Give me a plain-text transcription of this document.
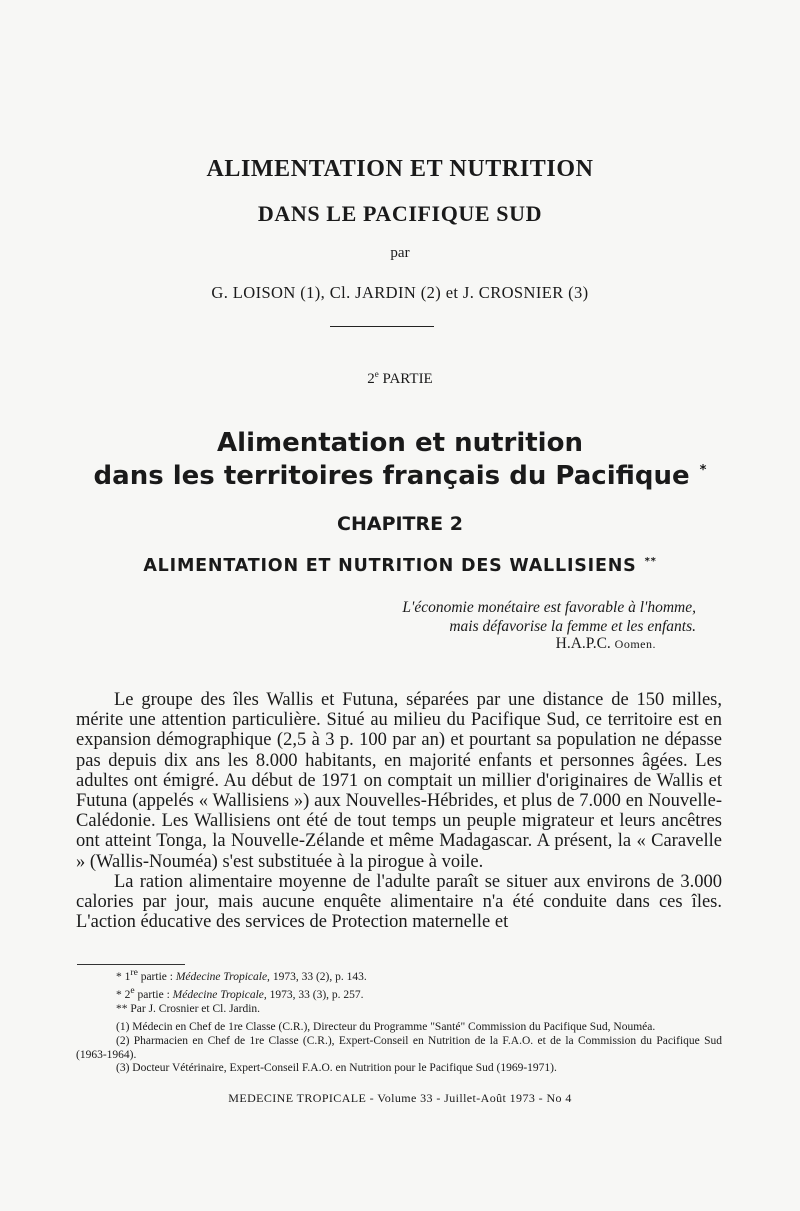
ALIMENTATION ET NUTRITION
DANS LE PACIFIQUE SUD
par
G. LOISON (1), Cl. JARDIN (2) et J. CROSNIER (3)
2e PARTIE
Alimentation et nutrition
dans les territoires français du Pacifique *
CHAPITRE 2
ALIMENTATION ET NUTRITION DES WALLISIENS **
L'économie monétaire est favorable à l'homme,
mais défavorise la femme et les enfants.
H.A.P.C. Oomen.

Le groupe des îles Wallis et Futuna, séparées par une distance de 150 milles, mérite une attention particulière. Situé au milieu du Pacifique Sud, ce territoire est en expansion démographique (2,5 à 3 p. 100 par an) et pourtant sa population ne dépasse pas depuis dix ans les 8.000 habitants, en majorité enfants et personnes âgées. Les adultes ont émigré. Au début de 1971 on comptait un millier d'originaires de Wallis et Futuna (appelés « Wallisiens ») aux Nouvelles-Hébrides, et plus de 7.000 en Nouvelle-Calédonie. Les Wallisiens ont été de tout temps un peuple migrateur et leurs ancêtres ont atteint Tonga, la Nouvelle-Zélande et même Madagascar. A présent, la « Caravelle » (Wallis-Nouméa) s'est substituée à la pirogue à voile.

La ration alimentaire moyenne de l'adulte paraît se situer aux environs de 3.000 calories par jour, mais aucune enquête alimentaire n'a été conduite dans ces îles. L'action éducative des services de Protection maternelle et

* 1re partie : Médecine Tropicale, 1973, 33 (2), p. 143.

* 2e partie : Médecine Tropicale, 1973, 33 (3), p. 257.

** Par J. Crosnier et Cl. Jardin.

(1) Médecin en Chef de 1re Classe (C.R.), Directeur du Programme "Santé" Commission du Pacifique Sud, Nouméa.

(2) Pharmacien en Chef de 1re Classe (C.R.), Expert-Conseil en Nutrition de la F.A.O. et de la Commission du Pacifique Sud (1963-1964).

(3) Docteur Vétérinaire, Expert-Conseil F.A.O. en Nutrition pour le Pacifique Sud (1969-1971).

MEDECINE TROPICALE - Volume 33 - Juillet-Août 1973 - No 4
